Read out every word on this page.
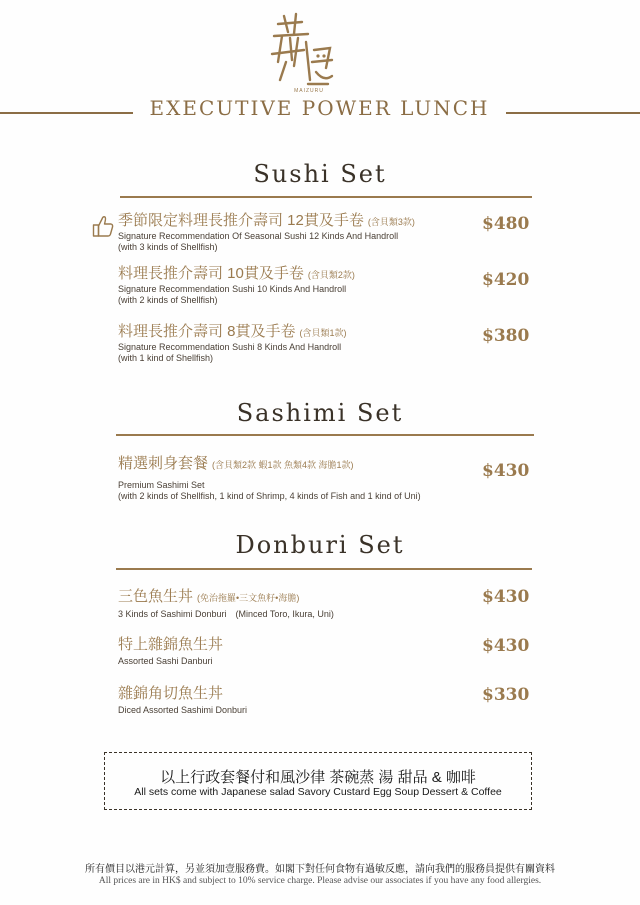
MAIZURU
EXECUTIVE POWER LUNCH
Sushi Set
季節限定料理長推介壽司 12貫及手卷 (含貝類3款)
Signature Recommendation Of Seasonal Sushi 12 Kinds And Handroll
(with 3 kinds of Shellfish)
$480
料理長推介壽司 10貫及手卷 (含貝類2款)
Signature Recommendation Sushi 10 Kinds And Handroll
(with 2 kinds of Shellfish)
$420
料理長推介壽司 8貫及手卷 (含貝類1款)
Signature Recommendation Sushi 8 Kinds And Handroll
(with 1 kind of Shellfish)
$380
Sashimi Set
精選刺身套餐 (含貝類2款 蝦1款 魚類4款 海膽1款)
Premium Sashimi Set
(with 2 kinds of Shellfish, 1 kind of Shrimp, 4 kinds of Fish and 1 kind of Uni)
$430
Donburi Set
三色魚生丼 (免治拖羅•三文魚籽•海膽)
3 Kinds of Sashimi Donburi　(Minced Toro, Ikura, Uni)
$430
特上雜錦魚生丼
Assorted Sashi Danburi
$430
雜錦角切魚生丼
Diced Assorted Sashimi Donburi
$330
以上行政套餐付和風沙律 茶碗蒸 湯 甜品 & 咖啡
All sets come with Japanese salad Savory Custard Egg Soup Dessert & Coffee
所有價目以港元計算，另並須加壹服務費。如閣下對任何食物有過敏反應，請向我們的服務員提供有關資料
All prices are in HK$ and subject to 10% service charge. Please advise our associates if you have any food allergies.
